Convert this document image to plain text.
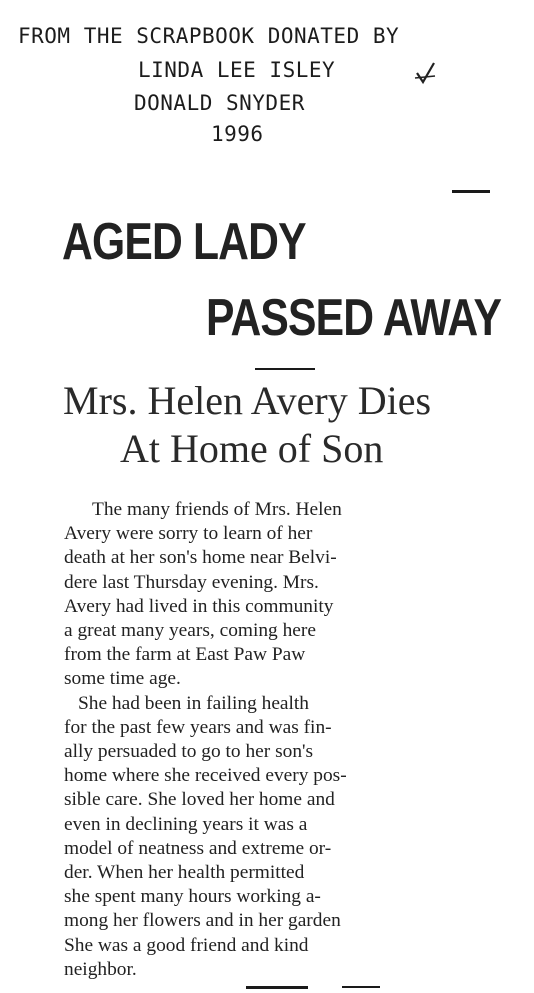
FROM THE SCRAPBOOK DONATED BY
LINDA LEE ISLEY
DONALD SNYDER
1996
AGED LADY
PASSED AWAY
Mrs. Helen Avery Dies
At Home of Son
The many friends of Mrs. Helen
Avery were sorry to learn of her
death at her son's home near Belvi-
dere last Thursday evening. Mrs.
Avery had lived in this community
a great many years, coming here
from the farm at East Paw Paw
some time age.
She had been in failing health
for the past few years and was fin-
ally persuaded to go to her son's
home where she received every pos-
sible care. She loved her home and
even in declining years it was a
model of neatness and extreme or-
der. When her health permitted
she spent many hours working a-
mong her flowers and in her garden
She was a good friend and kind
neighbor.
